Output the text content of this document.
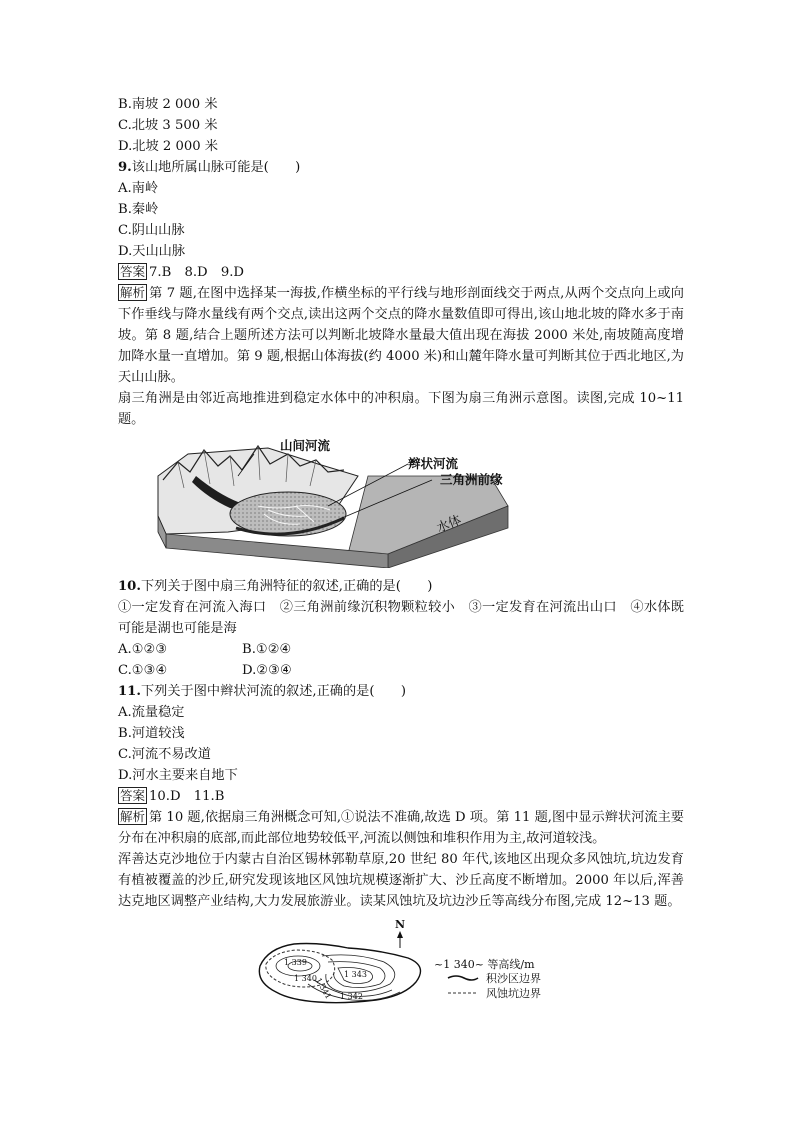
B.南坡 2 000 米
C.北坡 3 500 米
D.北坡 2 000 米
9.该山地所属山脉可能是(　　)
A.南岭
B.秦岭
C.阴山山脉
D.天山山脉
答案 7.B　8.D　9.D
解析 第 7 题,在图中选择某一海拔,作横坐标的平行线与地形剖面线交于两点,从两个交点向上或向下作垂线与降水量线有两个交点,读出这两个交点的降水量数值即可得出,该山地北坡的降水多于南坡。第 8 题,结合上题所述方法可以判断北坡降水量最大值出现在海拔 2000 米处,南坡随高度增加降水量一直增加。第 9 题,根据山体海拔(约 4000 米)和山麓年降水量可判断其位于西北地区,为天山山脉。
扇三角洲是由邻近高地推进到稳定水体中的冲积扇。下图为扇三角洲示意图。读图,完成 10~11 题。
山间河流
辫状河流
三角洲前缘
水体
10.下列关于图中扇三角洲特征的叙述,正确的是(　　)
①一定发育在河流入海口　②三角洲前缘沉积物颗粒较小　③一定发育在河流出山口　④水体既可能是湖也可能是海
A.①②③	B.①②④
C.①③④	D.②③④
11.下列关于图中辫状河流的叙述,正确的是(　　)
A.流量稳定
B.河道较浅
C.河流不易改道
D.河水主要来自地下
答案 10.D　11.B
解析 第 10 题,依据扇三角洲概念可知,①说法不准确,故选 D 项。第 11 题,图中显示辫状河流主要分布在冲积扇的底部,而此部位地势较低平,河流以侧蚀和堆积作用为主,故河道较浅。
浑善达克沙地位于内蒙古自治区锡林郭勒草原,20 世纪 80 年代,该地区出现众多风蚀坑,坑边发育有植被覆盖的沙丘,研究发现该地区风蚀坑规模逐渐扩大、沙丘高度不断增加。2000 年以后,浑善达克地区调整产业结构,大力发展旅游业。读某风蚀坑及坑边沙丘等高线分布图,完成 12~13 题。
N
1 339
1 340
1 341 1 342
1 343
~1 340~ 等高线/m
积沙区边界
风蚀坑边界
